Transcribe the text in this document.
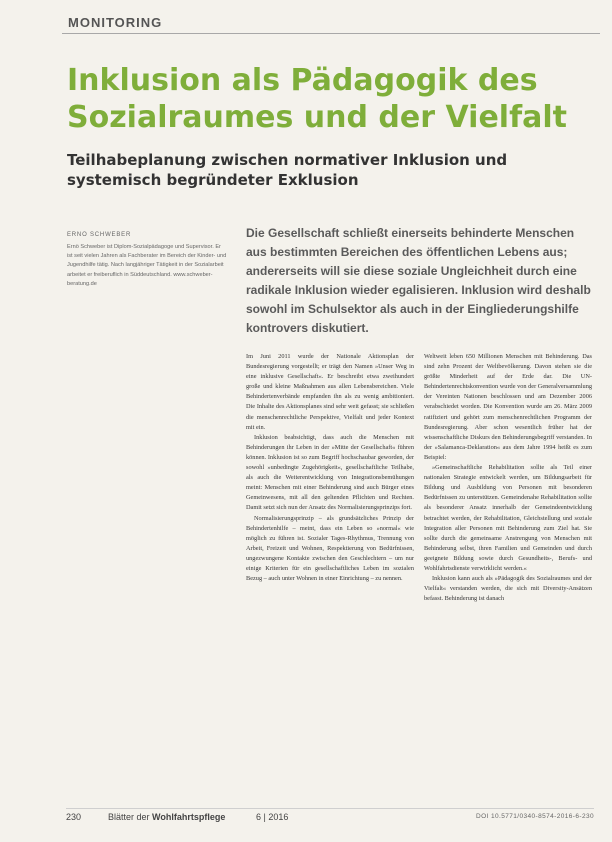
MONITORING
Inklusion als Pädagogik des Sozialraumes und der Vielfalt
Teilhabeplanung zwischen normativer Inklusion und systemisch begründeter Exklusion
ERNO SCHWEBER
Ernö Schweber ist Diplom-Sozialpädagoge und Supervisor. Er ist seit vielen Jahren als Fachberater im Bereich der Kinder- und Jugendhilfe tätig. Nach langjähriger Tätigkeit in der Sozialarbeit arbeitet er freiberuflich in Süddeutschland. www.schweber-beratung.de
Die Gesellschaft schließt einerseits behinderte Menschen aus bestimmten Bereichen des öffentlichen Lebens aus; andererseits will sie diese soziale Ungleichheit durch eine radikale Inklusion wieder egalisieren. Inklusion wird deshalb sowohl im Schulsektor als auch in der Eingliederungshilfe kontrovers diskutiert.

Im Juni 2011 wurde der Nationale Aktionsplan der Bundesregierung vorgestellt; er trägt den Namen »Unser Weg in eine inklusive Gesellschaft«. Er beschreibt etwa zweihundert große und kleine Maßnahmen aus allen Lebensbereichen. Viele Behindertenverbände empfanden ihn als zu wenig ambitioniert. Die Inhalte des Aktionsplanes sind sehr weit gefasst; sie schließen die menschenrechtliche Perspektive, Vielfalt und jeder Kontext mit ein.

Inklusion beabsichtigt, dass auch die Menschen mit Behinderungen ihr Leben in der »Mitte der Gesellschaft« führen können. Inklusion ist so zum Begriff hochschaubar geworden, der sowohl »unbedingte Zugehörigkeit«, gesellschaftliche Teilhabe, als auch die Weiterentwicklung von Integrationsbemühungen meint: Menschen mit einer Behinderung sind auch Bürger eines Gemeinwesens, mit all den geltenden Pflichten und Rechten. Damit setzt sich nun der Ansatz des Normalisierungsprinzips fort.

Normalisierungsprinzip – als grundsätzliches Prinzip der Behindertenhilfe – meint, dass ein Leben so »normal« wie möglich zu führen ist. Sozialer Tages-Rhythmus, Trennung von Arbeit, Freizeit und Wohnen, Respektierung von Bedürfnissen, ungezwungene Kontakte zwischen den Geschlechtern – um nur einige Kriterien für ein gesellschaftliches Leben im sozialen Bezug – auch unter Wohnen in einer Einrichtung – zu nennen.

Weltweit leben 650 Millionen Menschen mit Behinderung. Das sind zehn Prozent der Weltbevölkerung. Davon stehen sie die größte Minderheit auf der Erde dar. Die UN-Behindertenrechtskonvention wurde von der Generalversammlung der Vereinten Nationen beschlossen und am Dezember 2006 verabschiedet worden. Die Konvention wurde am 26. März 2009 ratifiziert und gehört zum menschenrechtlichen Programm der Bundesregierung. Aber schon wesentlich früher hat der wissenschaftliche Diskurs den Behinderungsbegriff verstanden. In der »Salamanca-Deklaration« aus dem Jahre 1994 heißt es zum Beispiel:

»Gemeinschaftliche Rehabilitation sollte als Teil einer nationalen Strategie entwickelt werden, um Bildungsarbeit für Bildung und Ausbildung von Personen mit besonderen Bedürfnissen zu unterstützen. Gemeindenahe Rehabilitation sollte als besonderer Ansatz innerhalb der Gemeindeentwicklung betrachtet werden, der Rehabilitation, Gleichstellung und soziale Integration aller Personen mit Behinderung zum Ziel hat. Sie sollte durch die gemeinsame Anstrengung von Menschen mit Behinderung selbst, ihren Familien und Gemeinden und durch geeignete Bildung sowie durch Gesundheits-, Berufs- und Wohlfahrtsdienste verwirklicht werden.«

Inklusion kann auch als »Pädagogik des Sozialraumes und der Vielfalt« verstanden werden, die sich mit Diversity-Ansätzen befasst. Behinderung ist danach

230	Blätter der Wohlfahrtspflege	6 | 2016	DOI 10.5771/0340-8574-2016-6-230
